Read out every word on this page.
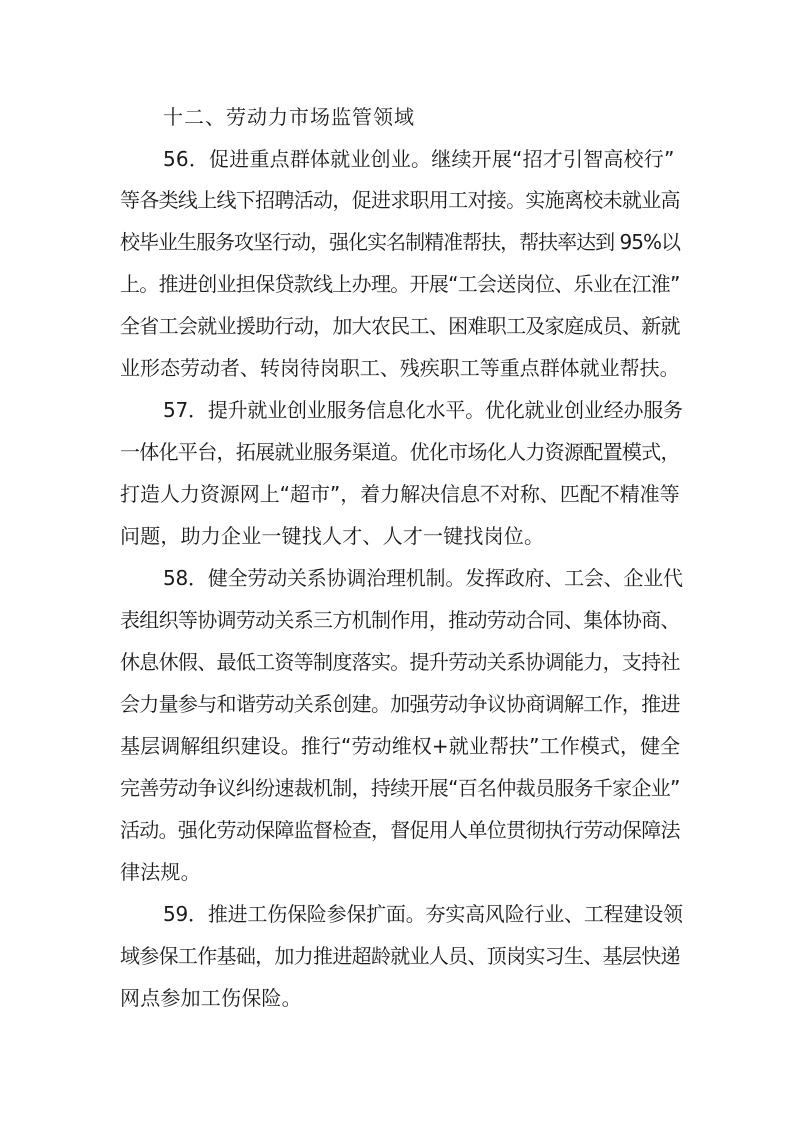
十二、劳动力市场监管领域
56．促进重点群体就业创业。继续开展“招才引智高校行”
等各类线上线下招聘活动，促进求职用工对接。实施离校未就业高
校毕业生服务攻坚行动，强化实名制精准帮扶，帮扶率达到 95%以
上。推进创业担保贷款线上办理。开展“工会送岗位、乐业在江淮”
全省工会就业援助行动，加大农民工、困难职工及家庭成员、新就
业形态劳动者、转岗待岗职工、残疾职工等重点群体就业帮扶。
57．提升就业创业服务信息化水平。优化就业创业经办服务
一体化平台，拓展就业服务渠道。优化市场化人力资源配置模式，
打造人力资源网上“超市”，着力解决信息不对称、匹配不精准等
问题，助力企业一键找人才、人才一键找岗位。
58．健全劳动关系协调治理机制。发挥政府、工会、企业代
表组织等协调劳动关系三方机制作用，推动劳动合同、集体协商、
休息休假、最低工资等制度落实。提升劳动关系协调能力，支持社
会力量参与和谐劳动关系创建。加强劳动争议协商调解工作，推进
基层调解组织建设。推行“劳动维权+就业帮扶”工作模式，健全
完善劳动争议纠纷速裁机制，持续开展“百名仲裁员服务千家企业”
活动。强化劳动保障监督检查，督促用人单位贯彻执行劳动保障法
律法规。
59．推进工伤保险参保扩面。夯实高风险行业、工程建设领
域参保工作基础，加力推进超龄就业人员、顶岗实习生、基层快递
网点参加工伤保险。
